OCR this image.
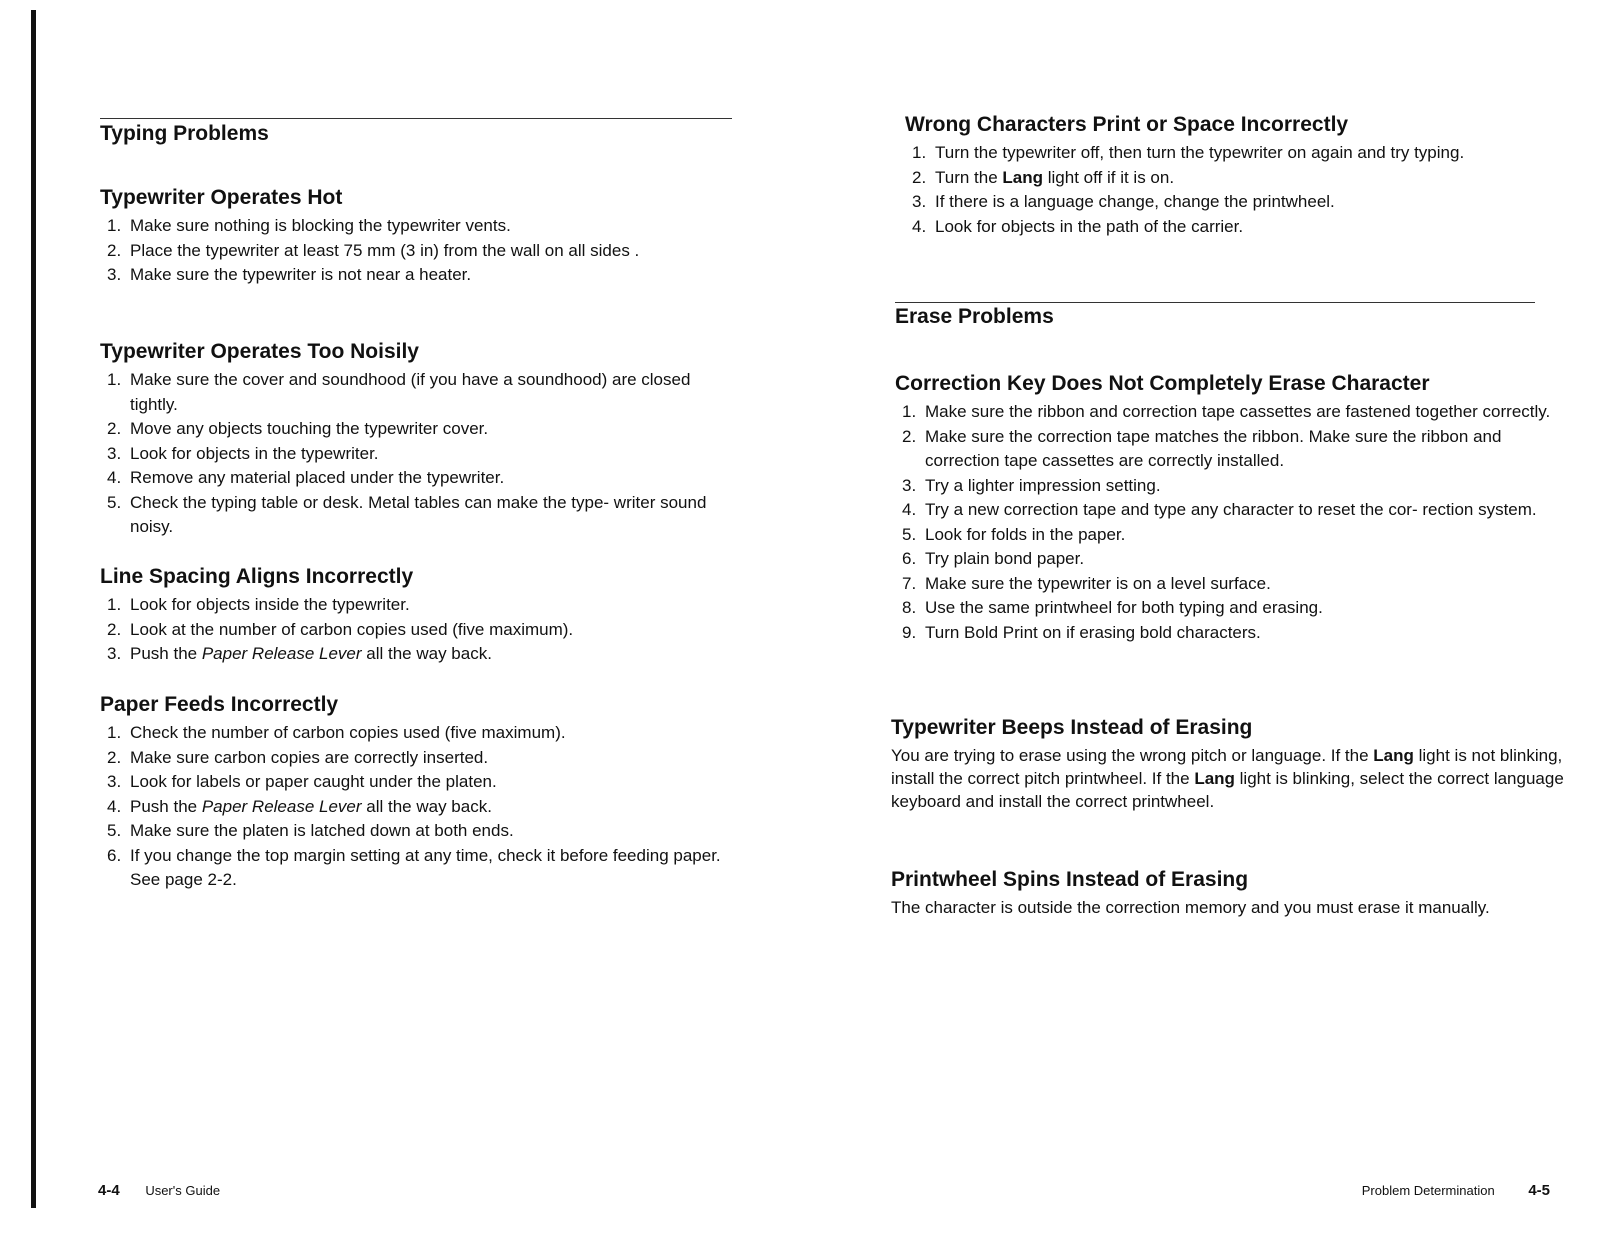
Typing Problems
Typewriter Operates Hot
1. Make sure nothing is blocking the typewriter vents.
2. Place the typewriter at least 75 mm (3 in) from the wall on all sides .
3. Make sure the typewriter is not near a heater.
Typewriter Operates Too Noisily
1. Make sure the cover and soundhood (if you have a soundhood) are closed tightly.
2. Move any objects touching the typewriter cover.
3. Look for objects in the typewriter.
4. Remove any material placed under the typewriter.
5. Check the typing table or desk. Metal tables can make the type- writer sound noisy.
Line Spacing Aligns Incorrectly
1. Look for objects inside the typewriter.
2. Look at the number of carbon copies used (five maximum).
3. Push the Paper Release Lever all the way back.
Paper Feeds Incorrectly
1. Check the number of carbon copies used (five maximum).
2. Make sure carbon copies are correctly inserted.
3. Look for labels or paper caught under the platen.
4. Push the Paper Release Lever all the way back.
5. Make sure the platen is latched down at both ends.
6. If you change the top margin setting at any time, check it before feeding paper. See page 2-2.
4-4 User's Guide
Wrong Characters Print or Space Incorrectly
1. Turn the typewriter off, then turn the typewriter on again and try typing.
2. Turn the Lang light off if it is on.
3. If there is a language change, change the printwheel.
4. Look for objects in the path of the carrier.
Erase Problems
Correction Key Does Not Completely Erase Character
1. Make sure the ribbon and correction tape cassettes are fastened together correctly.
2. Make sure the correction tape matches the ribbon. Make sure the ribbon and correction tape cassettes are correctly installed.
3. Try a lighter impression setting.
4. Try a new correction tape and type any character to reset the cor- rection system.
5. Look for folds in the paper.
6. Try plain bond paper.
7. Make sure the typewriter is on a level surface.
8. Use the same printwheel for both typing and erasing.
9. Turn Bold Print on if erasing bold characters.
Typewriter Beeps Instead of Erasing

You are trying to erase using the wrong pitch or language. If the Lang light is not blinking, install the correct pitch printwheel. If the Lang light is blinking, select the correct language keyboard and install the correct printwheel.

Printwheel Spins Instead of Erasing

The character is outside the correction memory and you must erase it manually.

Problem Determination 4-5
